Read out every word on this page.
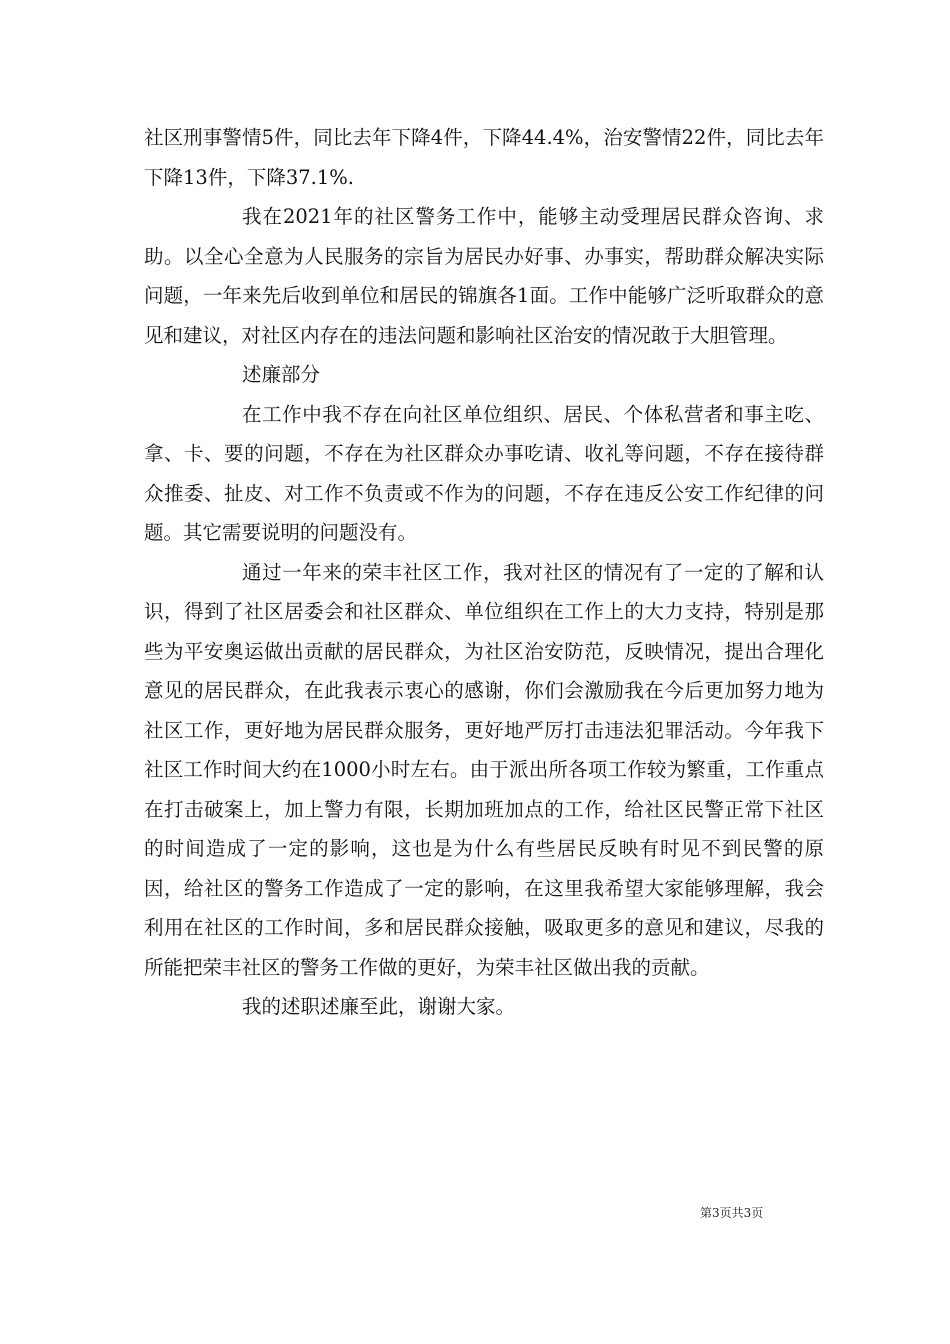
社区刑事警情5件，同比去年下降4件，下降44.4%，治安警情22件，同比去年下降13件，下降37.1%.

我在2021年的社区警务工作中，能够主动受理居民群众咨询、求助。以全心全意为人民服务的宗旨为居民办好事、办事实，帮助群众解决实际问题，一年来先后收到单位和居民的锦旗各1面。工作中能够广泛听取群众的意见和建议，对社区内存在的违法问题和影响社区治安的情况敢于大胆管理。

述廉部分

在工作中我不存在向社区单位组织、居民、个体私营者和事主吃、拿、卡、要的问题，不存在为社区群众办事吃请、收礼等问题，不存在接待群众推委、扯皮、对工作不负责或不作为的问题，不存在违反公安工作纪律的问题。其它需要说明的问题没有。

通过一年来的荣丰社区工作，我对社区的情况有了一定的了解和认识，得到了社区居委会和社区群众、单位组织在工作上的大力支持，特别是那些为平安奥运做出贡献的居民群众，为社区治安防范，反映情况，提出合理化意见的居民群众，在此我表示衷心的感谢，你们会激励我在今后更加努力地为社区工作，更好地为居民群众服务，更好地严厉打击违法犯罪活动。今年我下社区工作时间大约在1000小时左右。由于派出所各项工作较为繁重，工作重点在打击破案上，加上警力有限，长期加班加点的工作，给社区民警正常下社区的时间造成了一定的影响，这也是为什么有些居民反映有时见不到民警的原因，给社区的警务工作造成了一定的影响，在这里我希望大家能够理解，我会利用在社区的工作时间，多和居民群众接触，吸取更多的意见和建议，尽我的所能把荣丰社区的警务工作做的更好，为荣丰社区做出我的贡献。

我的述职述廉至此，谢谢大家。

第3页共3页
